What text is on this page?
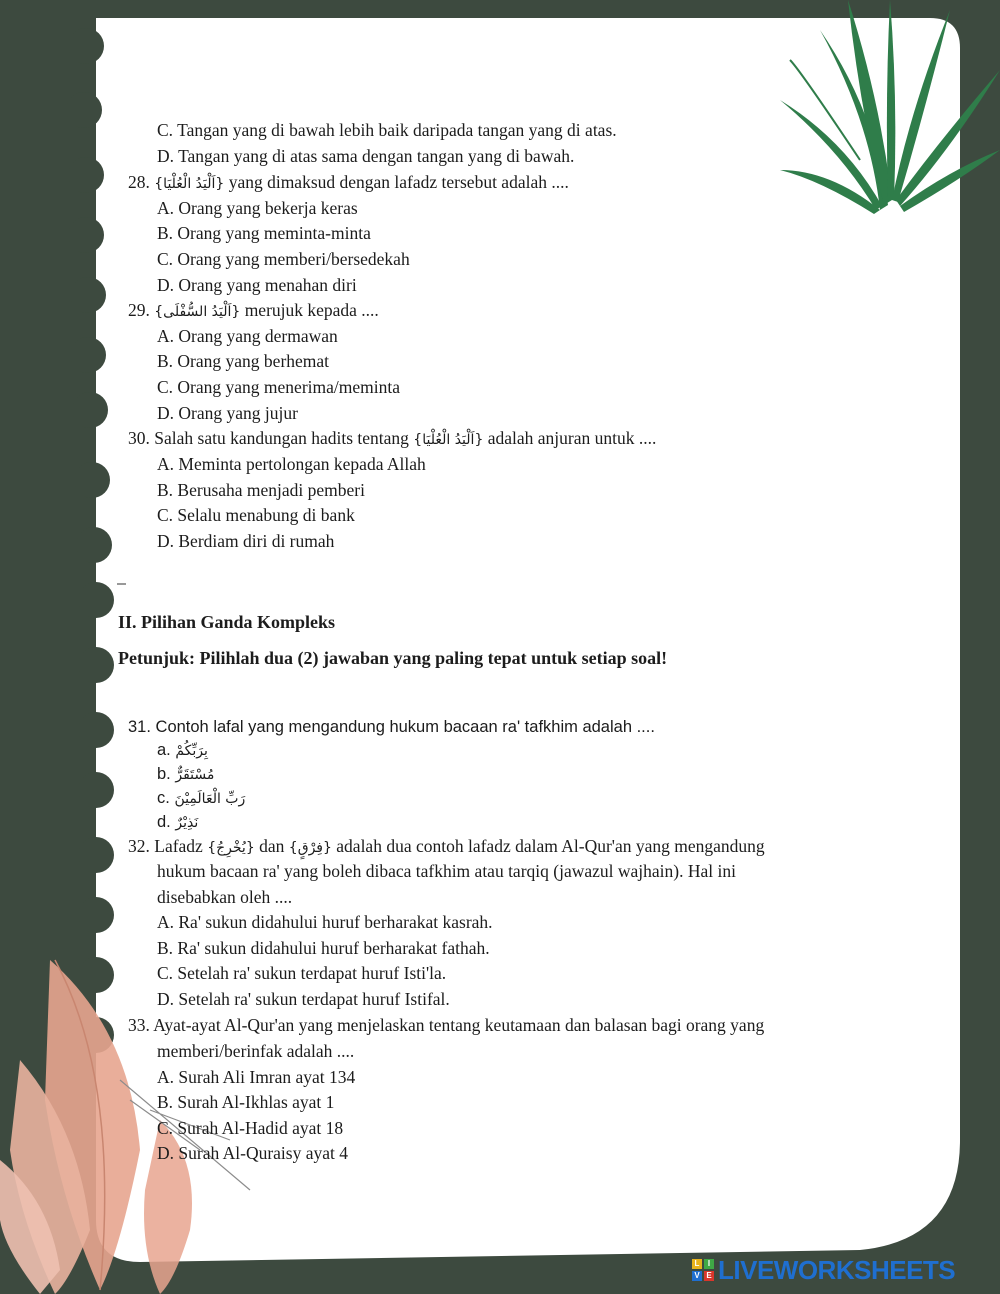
C. Tangan yang di bawah lebih baik daripada tangan yang di atas.
D. Tangan yang di atas sama dengan tangan yang di bawah.
28. {اَلْيَدُ الْعُلْيَا} yang dimaksud dengan lafadz tersebut adalah ....
A. Orang yang bekerja keras
B. Orang yang meminta-minta
C. Orang yang memberi/bersedekah
D. Orang yang menahan diri
29. {اَلْيَدُ السُّفْلَى} merujuk kepada ....
A. Orang yang dermawan
B. Orang yang berhemat
C. Orang yang menerima/meminta
D. Orang yang jujur
30. Salah satu kandungan hadits tentang {اَلْيَدُ الْعُلْيَا} adalah anjuran untuk ....
A. Meminta pertolongan kepada Allah
B. Berusaha menjadi pemberi
C. Selalu menabung di bank
D. Berdiam diri di rumah
II. Pilihan Ganda Kompleks
Petunjuk: Pilihlah dua (2) jawaban yang paling tepat untuk setiap soal!
31. Contoh lafal yang mengandung hukum bacaan ra' tafkhim adalah ....
a. بِرَبِّكُمْ
b. مُسْتَقَرٌّ
c. رَبِّ الْعَالَمِيْنَ
d. نَذِيْرٌ
32. Lafadz {يُخْرِجُ} dan {فِرْقٍ} adalah dua contoh lafadz dalam Al-Qur'an yang mengandung
hukum bacaan ra' yang boleh dibaca tafkhim atau tarqiq (jawazul wajhain). Hal ini
disebabkan oleh ....
A. Ra' sukun didahului huruf berharakat kasrah.
B. Ra' sukun didahului huruf berharakat fathah.
C. Setelah ra' sukun terdapat huruf Isti'la.
D. Setelah ra' sukun terdapat huruf Istifal.
33. Ayat-ayat Al-Qur'an yang menjelaskan tentang keutamaan dan balasan bagi orang yang
memberi/berinfak adalah ....
A. Surah Ali Imran ayat 134
B. Surah Al-Ikhlas ayat 1
C. Surah Al-Hadid ayat 18
D. Surah Al-Quraisy ayat 4
L	I
V E LIVEWORKSHEETS
